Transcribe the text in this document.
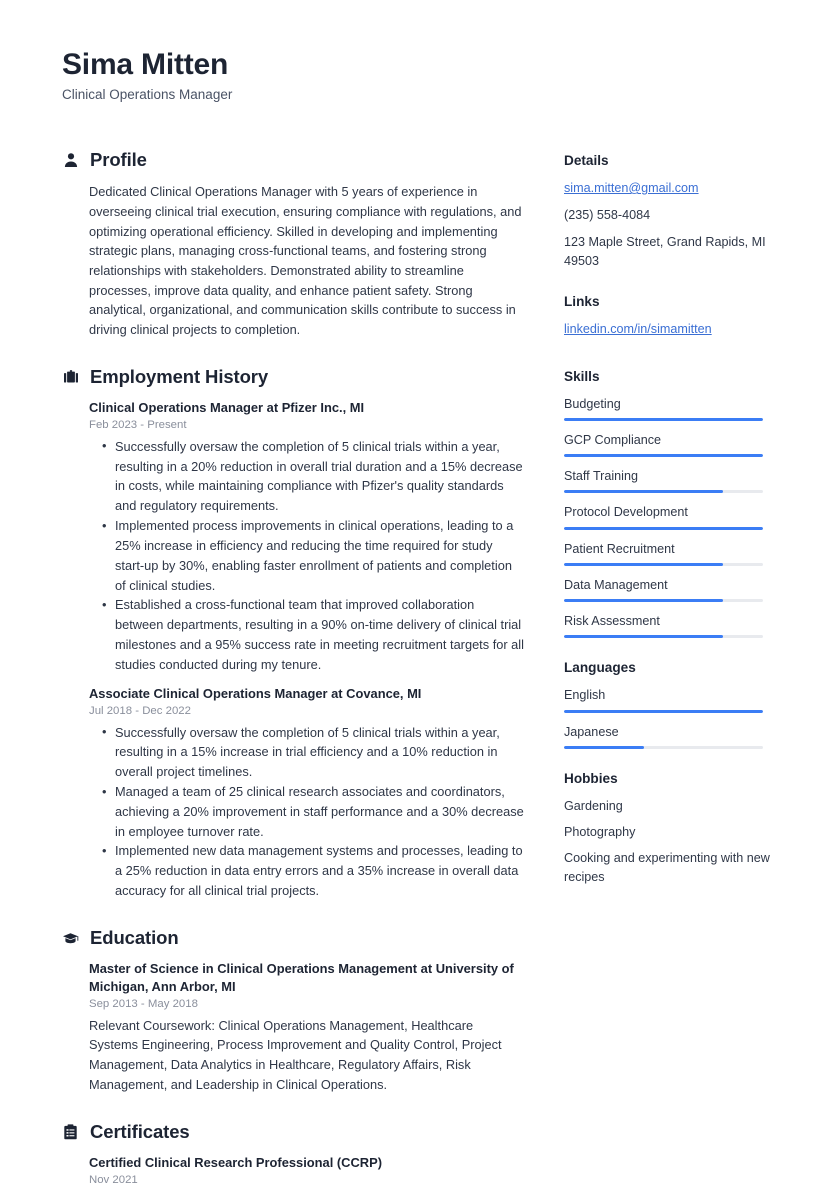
Sima Mitten
Clinical Operations Manager
Profile

Dedicated Clinical Operations Manager with 5 years of experience in overseeing clinical trial execution, ensuring compliance with regulations, and optimizing operational efficiency. Skilled in developing and implementing strategic plans, managing cross-functional teams, and fostering strong relationships with stakeholders. Demonstrated ability to streamline processes, improve data quality, and enhance patient safety. Strong analytical, organizational, and communication skills contribute to success in driving clinical projects to completion.

Employment History
Clinical Operations Manager at Pfizer Inc., MI
Feb 2023 - Present
• Successfully oversaw the completion of 5 clinical trials within a year, resulting in a 20% reduction in overall trial duration and a 15% decrease in costs, while maintaining compliance with Pfizer's quality standards and regulatory requirements.
• Implemented process improvements in clinical operations, leading to a 25% increase in efficiency and reducing the time required for study start-up by 30%, enabling faster enrollment of patients and completion of clinical studies.
• Established a cross-functional team that improved collaboration between departments, resulting in a 90% on-time delivery of clinical trial milestones and a 95% success rate in meeting recruitment targets for all studies conducted during my tenure.
Associate Clinical Operations Manager at Covance, MI
Jul 2018 - Dec 2022
• Successfully oversaw the completion of 5 clinical trials within a year, resulting in a 15% increase in trial efficiency and a 10% reduction in overall project timelines.
• Managed a team of 25 clinical research associates and coordinators, achieving a 20% improvement in staff performance and a 30% decrease in employee turnover rate.
• Implemented new data management systems and processes, leading to a 25% reduction in data entry errors and a 35% increase in overall data accuracy for all clinical trial projects.
Education
Master of Science in Clinical Operations Management at University of Michigan, Ann Arbor, MI
Sep 2013 - May 2018

Relevant Coursework: Clinical Operations Management, Healthcare Systems Engineering, Process Improvement and Quality Control, Project Management, Data Analytics in Healthcare, Regulatory Affairs, Risk Management, and Leadership in Clinical Operations.

Certificates
Certified Clinical Research Professional (CCRP)
Nov 2021
Details
sima.mitten@gmail.com
(235) 558-4084
123 Maple Street, Grand Rapids, MI 49503
Links
linkedin.com/in/simamitten
Skills
Budgeting
GCP Compliance
Staff Training
Protocol Development
Patient Recruitment
Data Management
Risk Assessment
Languages
English
Japanese
Hobbies
Gardening
Photography
Cooking and experimenting with new recipes
